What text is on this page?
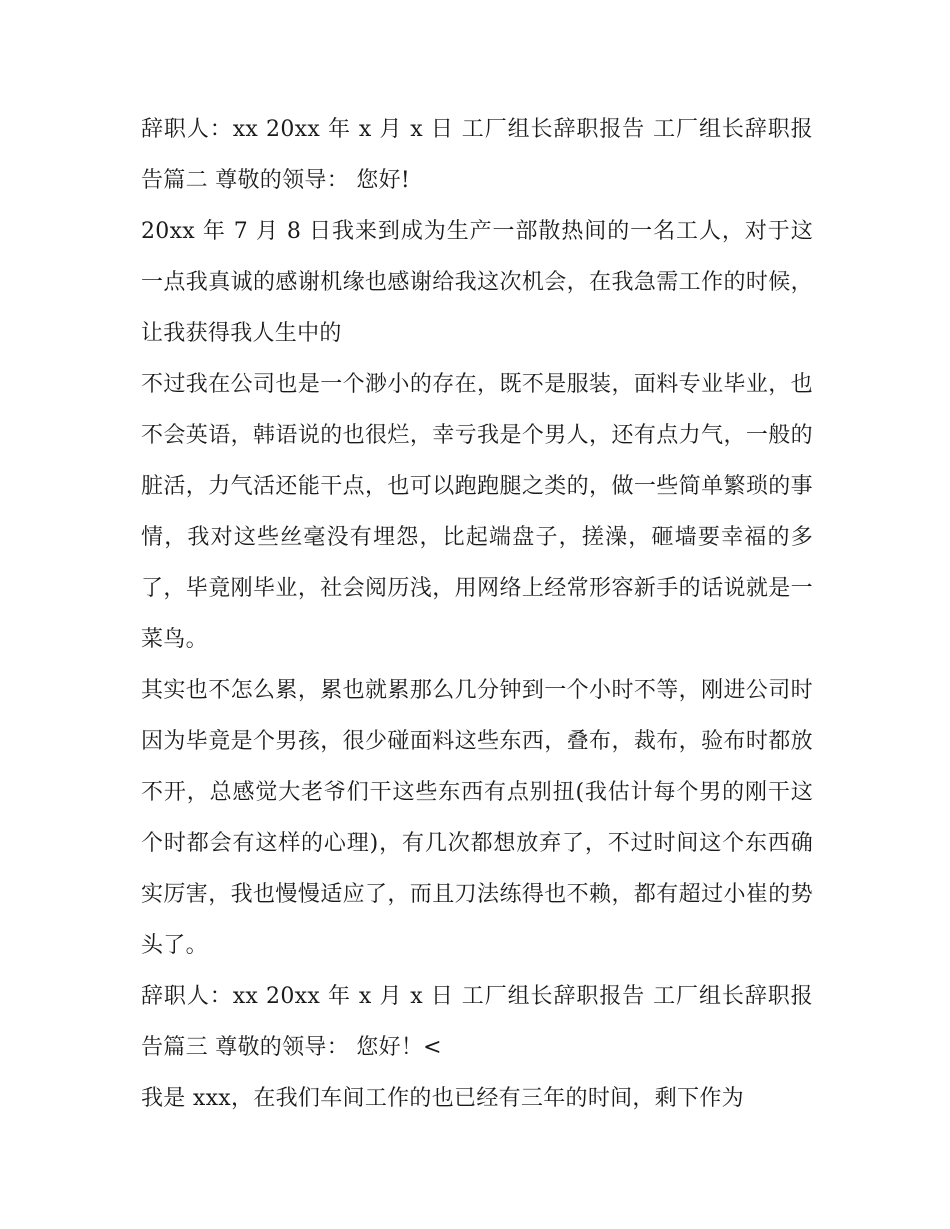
辞职人：xx 20xx 年 x 月 x 日 工厂组长辞职报告 工厂组长辞职报告篇二 尊敬的领导： 您好!

20xx 年 7 月 8 日我来到成为生产一部散热间的一名工人，对于这一点我真诚的感谢机缘也感谢给我这次机会，在我急需工作的时候，让我获得我人生中的

不过我在公司也是一个渺小的存在，既不是服装，面料专业毕业，也不会英语，韩语说的也很烂，幸亏我是个男人，还有点力气，一般的脏活，力气活还能干点，也可以跑跑腿之类的，做一些简单繁琐的事情，我对这些丝毫没有埋怨，比起端盘子，搓澡，砸墙要幸福的多了，毕竟刚毕业，社会阅历浅，用网络上经常形容新手的话说就是一菜鸟。

其实也不怎么累，累也就累那么几分钟到一个小时不等，刚进公司时因为毕竟是个男孩，很少碰面料这些东西，叠布，裁布，验布时都放不开，总感觉大老爷们干这些东西有点别扭(我估计每个男的刚干这个时都会有这样的心理)，有几次都想放弃了，不过时间这个东西确实厉害，我也慢慢适应了，而且刀法练得也不赖，都有超过小崔的势头了。

辞职人：xx 20xx 年 x 月 x 日 工厂组长辞职报告 工厂组长辞职报告篇三 尊敬的领导： 您好！<

我是 xxx，在我们车间工作的也已经有三年的时间，剩下作为
